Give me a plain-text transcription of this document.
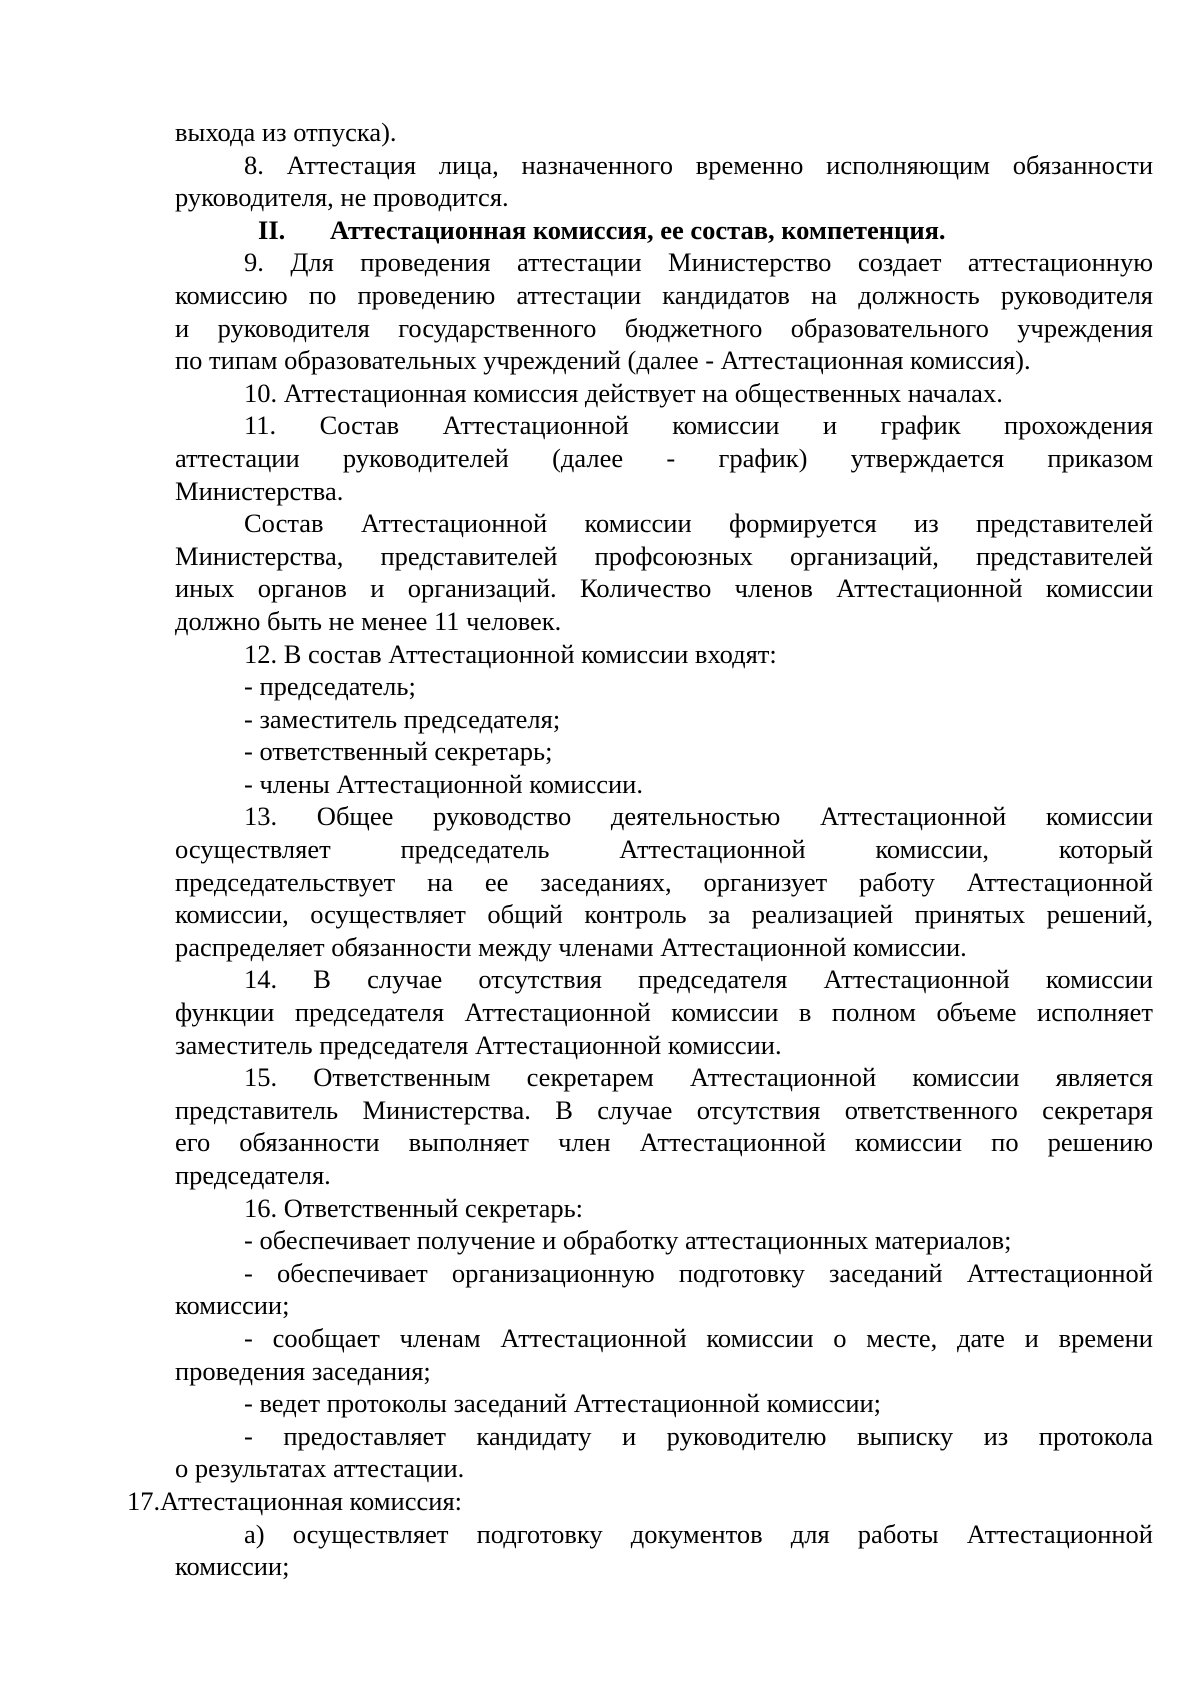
выхода из отпуска).
8. Аттестация лица, назначенного временно исполняющим обязанности
руководителя, не проводится.
II. Аттестационная комиссия, ее состав, компетенция.
9. Для проведения аттестации Министерство создает аттестационную
комиссию по проведению аттестации кандидатов на должность руководителя
и руководителя государственного бюджетного образовательного учреждения
по типам образовательных учреждений (далее - Аттестационная комиссия).
10. Аттестационная комиссия действует на общественных началах.
11. Состав Аттестационной комиссии и график прохождения
аттестации руководителей (далее - график) утверждается приказом
Министерства.
Состав Аттестационной комиссии формируется из представителей
Министерства, представителей профсоюзных организаций, представителей
иных органов и организаций. Количество членов Аттестационной комиссии
должно быть не менее 11 человек.
12. В состав Аттестационной комиссии входят:
- председатель;
- заместитель председателя;
- ответственный секретарь;
- члены Аттестационной комиссии.
13. Общее руководство деятельностью Аттестационной комиссии
осуществляет председатель Аттестационной комиссии, который
председательствует на ее заседаниях, организует работу Аттестационной
комиссии, осуществляет общий контроль за реализацией принятых решений,
распределяет обязанности между членами Аттестационной комиссии.
14. В случае отсутствия председателя Аттестационной комиссии
функции председателя Аттестационной комиссии в полном объеме исполняет
заместитель председателя Аттестационной комиссии.
15. Ответственным секретарем Аттестационной комиссии является
представитель Министерства. В случае отсутствия ответственного секретаря
его обязанности выполняет член Аттестационной комиссии по решению
председателя.
16. Ответственный секретарь:
- обеспечивает получение и обработку аттестационных материалов;
- обеспечивает организационную подготовку заседаний Аттестационной
комиссии;
- сообщает членам Аттестационной комиссии о месте, дате и времени
проведения заседания;
- ведет протоколы заседаний Аттестационной комиссии;
- предоставляет кандидату и руководителю выписку из протокола
о результатах аттестации.
17.Аттестационная комиссия:
а) осуществляет подготовку документов для работы Аттестационной
комиссии;
